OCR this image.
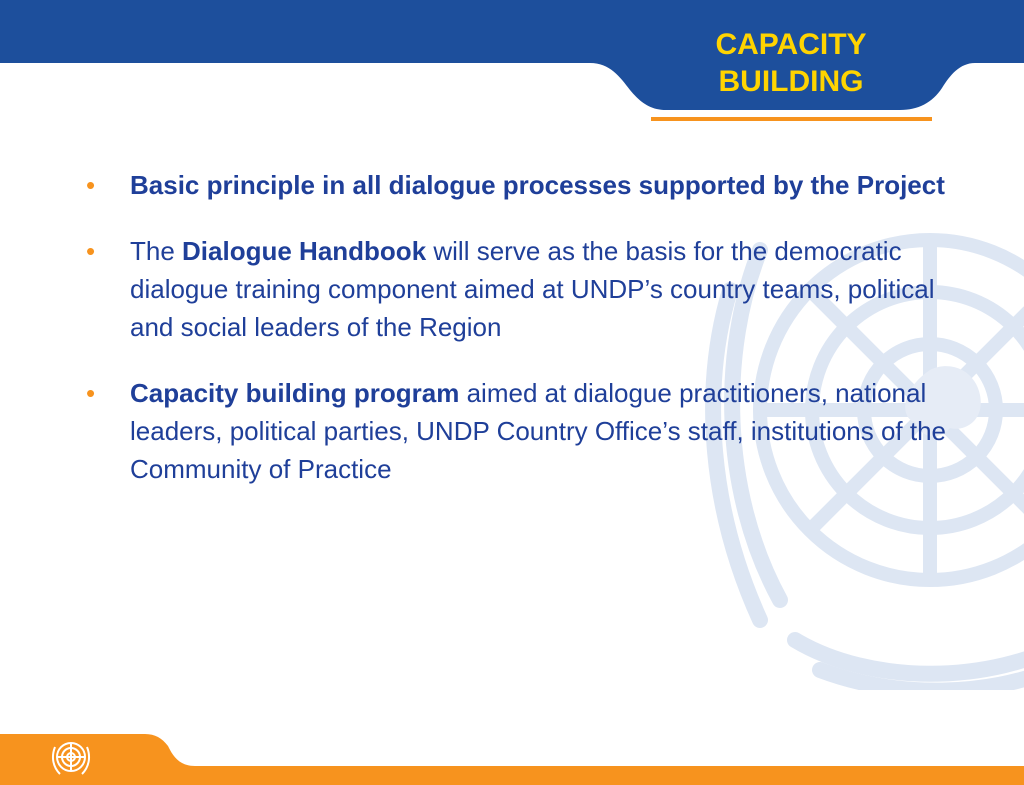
CAPACITY
BUILDING
• Basic principle in all dialogue processes supported by the Project
• The Dialogue Handbook will serve as the basis for the democratic dialogue training component aimed at UNDP’s country teams, political and social leaders of the Region
• Capacity building program aimed at dialogue practitioners, national leaders, political parties, UNDP Country Office’s staff, institutions of the Community of Practice
